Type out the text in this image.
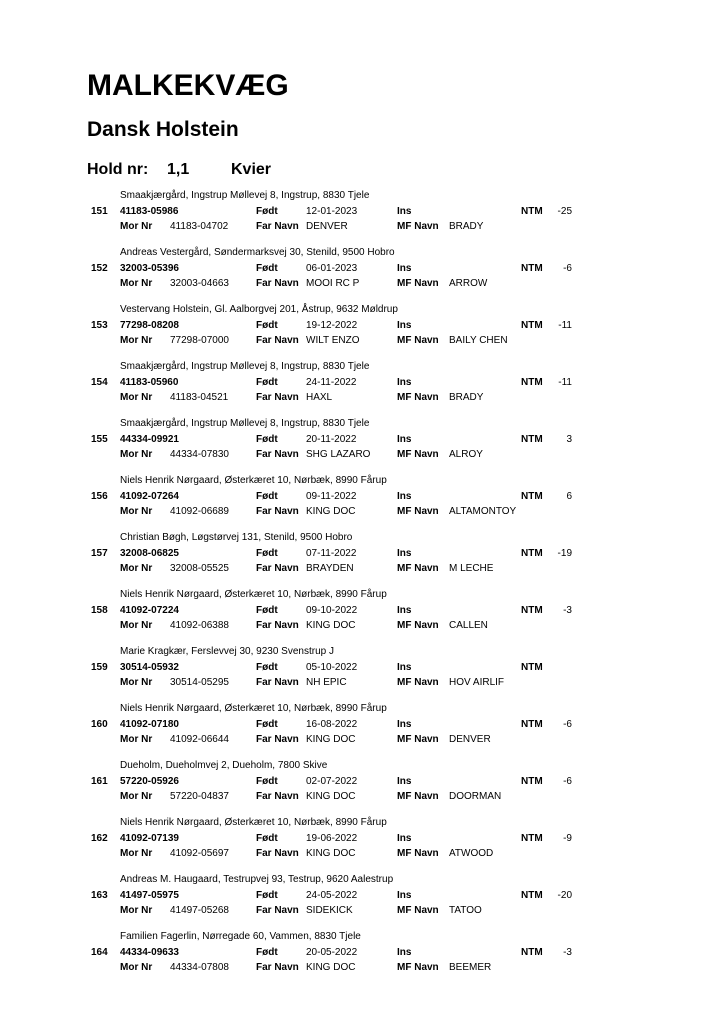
MALKEKVÆG
Dansk Holstein
Hold nr: 1,1	Kvier
Smaakjærgård, Ingstrup Møllevej 8, Ingstrup, 8830 Tjele
151 41183-05986	Født	12-01-2023	Ins	NTM -25
Mor Nr 41183-04702	Far Navn DENVER	MF Navn BRADY
Andreas Vestergård, Søndermarksvej 30, Stenild, 9500 Hobro
152 32003-05396	Født	06-01-2023	Ins	NTM -6
Mor Nr 32003-04663	Far Navn MOOI RC P	MF Navn ARROW
Vestervang Holstein, Gl. Aalborgvej 201, Åstrup, 9632 Møldrup
153 77298-08208	Født	19-12-2022	Ins	NTM -11
Mor Nr 77298-07000	Far Navn WILT ENZO	MF Navn BAILY CHEN
Smaakjærgård, Ingstrup Møllevej 8, Ingstrup, 8830 Tjele
154 41183-05960	Født	24-11-2022	Ins	NTM -11
Mor Nr 41183-04521	Far Navn HAXL	MF Navn BRADY
Smaakjærgård, Ingstrup Møllevej 8, Ingstrup, 8830 Tjele
155 44334-09921	Født	20-11-2022	Ins	NTM 3
Mor Nr 44334-07830	Far Navn SHG LAZARO	MF Navn ALROY
Niels Henrik Nørgaard, Østerkæret 10, Nørbæk, 8990 Fårup
156 41092-07264	Født	09-11-2022	Ins	NTM 6
Mor Nr 41092-06689	Far Navn KING DOC	MF Navn ALTAMONTOY
Christian Bøgh, Løgstørvej 131, Stenild, 9500 Hobro
157 32008-06825	Født	07-11-2022	Ins	NTM -19
Mor Nr 32008-05525	Far Navn BRAYDEN	MF Navn M LECHE
Niels Henrik Nørgaard, Østerkæret 10, Nørbæk, 8990 Fårup
158 41092-07224	Født	09-10-2022	Ins	NTM -3
Mor Nr 41092-06388	Far Navn KING DOC	MF Navn CALLEN
Marie Kragkær, Ferslevvej 30, 9230 Svenstrup J
159 30514-05932	Født	05-10-2022	Ins	NTM
Mor Nr 30514-05295	Far Navn NH EPIC	MF Navn HOV AIRLIF
Niels Henrik Nørgaard, Østerkæret 10, Nørbæk, 8990 Fårup
160 41092-07180	Født	16-08-2022	Ins	NTM -6
Mor Nr 41092-06644	Far Navn KING DOC	MF Navn DENVER
Dueholm, Dueholmvej 2, Dueholm, 7800 Skive
161 57220-05926	Født	02-07-2022	Ins	NTM -6
Mor Nr 57220-04837	Far Navn KING DOC	MF Navn DOORMAN
Niels Henrik Nørgaard, Østerkæret 10, Nørbæk, 8990 Fårup
162 41092-07139	Født	19-06-2022	Ins	NTM -9
Mor Nr 41092-05697	Far Navn KING DOC	MF Navn ATWOOD
Andreas M. Haugaard, Testrupvej 93, Testrup, 9620 Aalestrup
163 41497-05975	Født	24-05-2022	Ins	NTM -20
Mor Nr 41497-05268	Far Navn SIDEKICK	MF Navn TATOO
Familien Fagerlin, Nørregade 60, Vammen, 8830 Tjele
164 44334-09633	Født	20-05-2022	Ins	NTM -3
Mor Nr 44334-07808	Far Navn KING DOC	MF Navn BEEMER
